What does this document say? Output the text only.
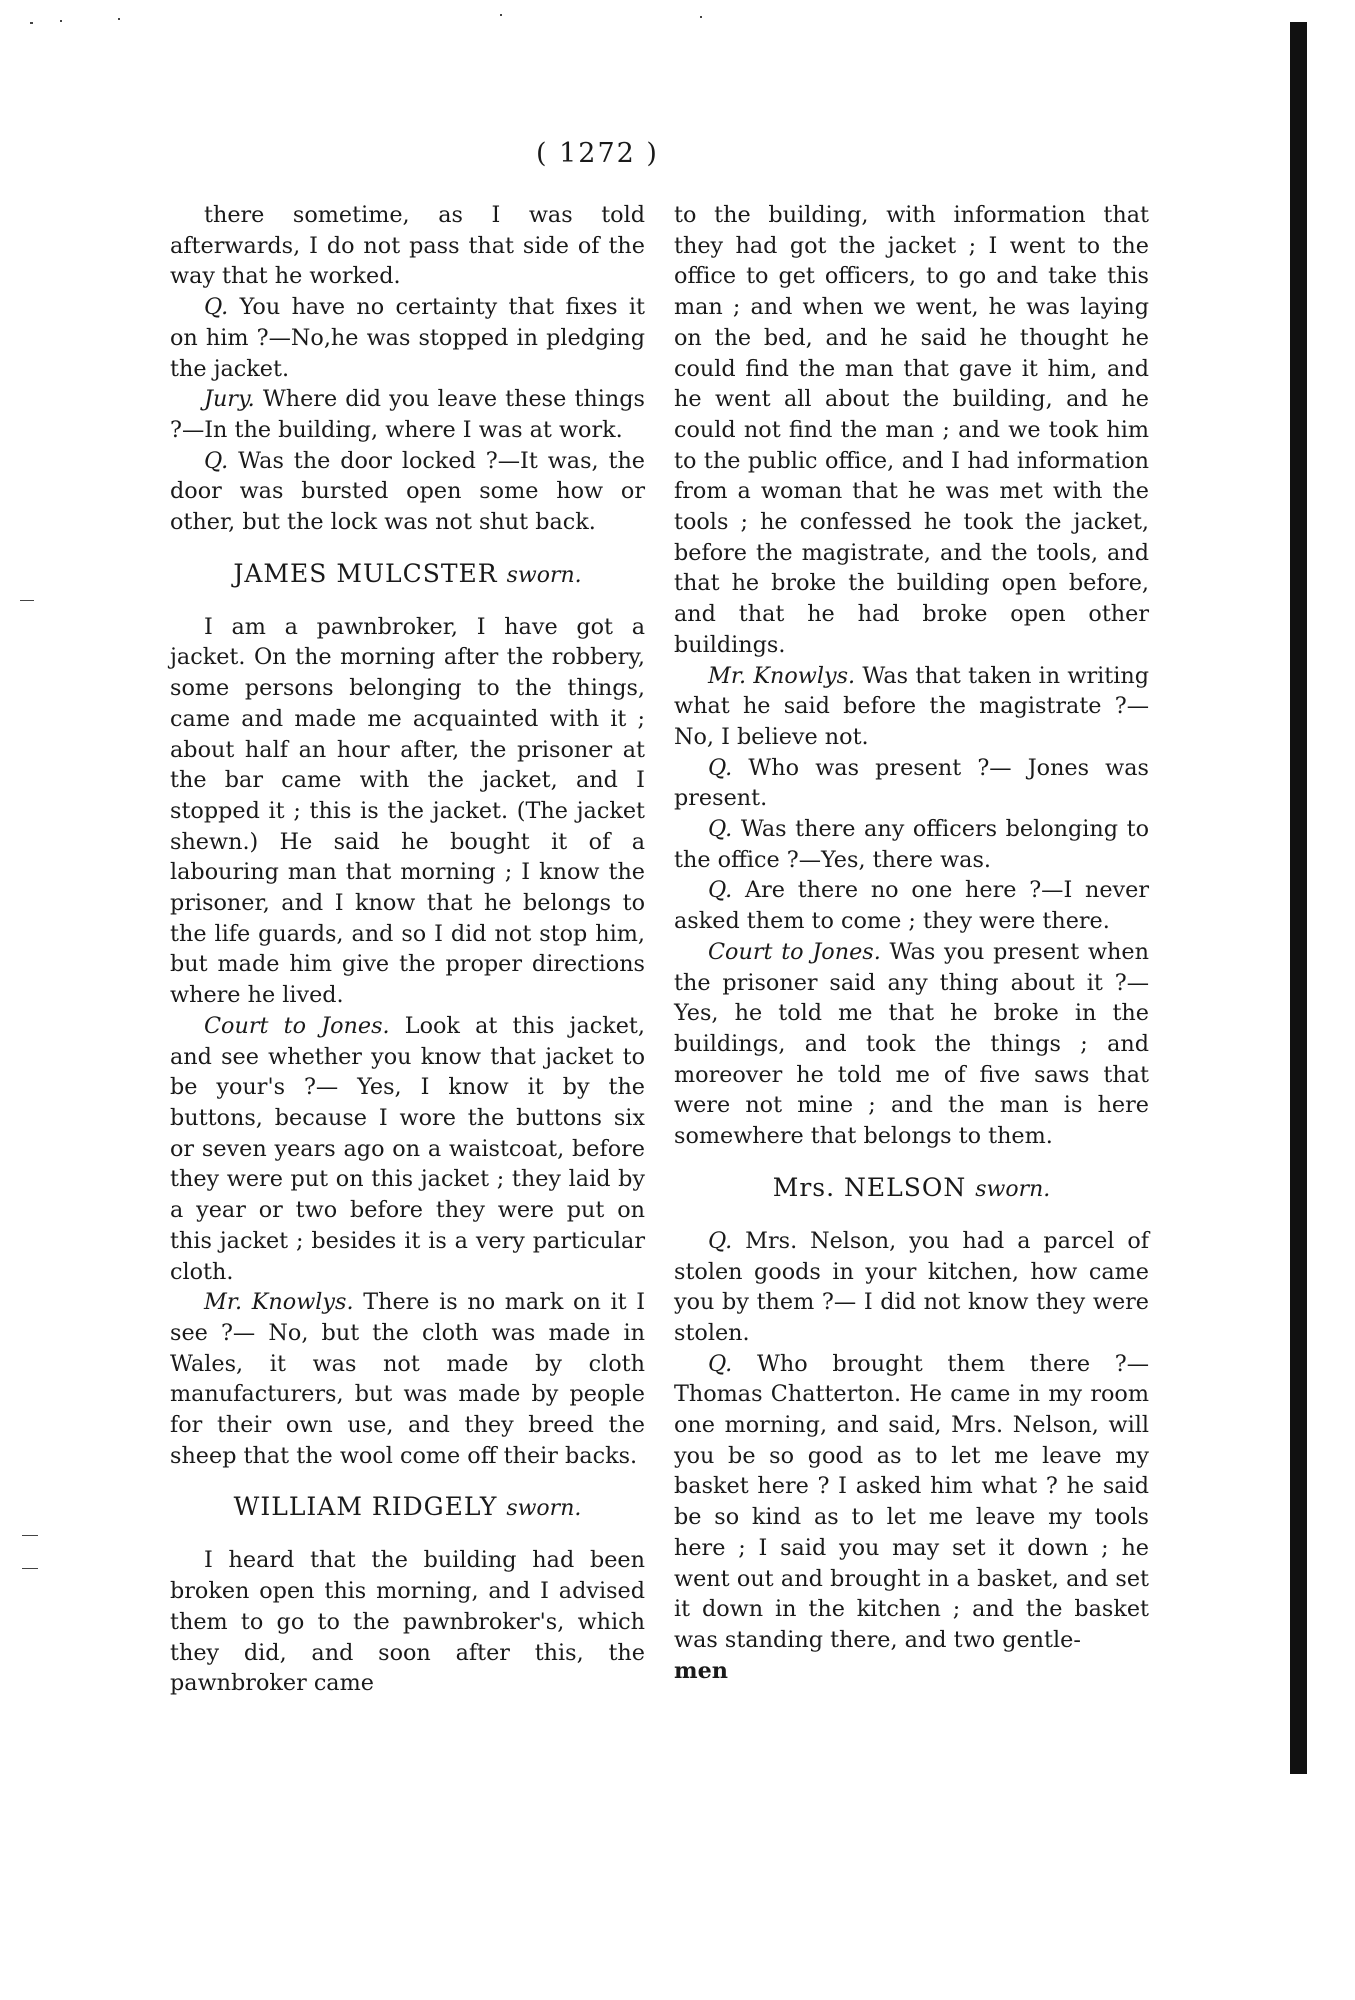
( 1272 )

there sometime, as I was told afterwards, I do not pass that side of the way that he worked.

Q. You have no certainty that fixes it on him ?—No,he was stopped in pledging the jacket.

Jury. Where did you leave these things ?—In the building, where I was at work.

Q. Was the door locked ?—It was, the door was bursted open some how or other, but the lock was not shut back.

JAMES MULCSTER sworn.

I am a pawnbroker, I have got a jacket. On the morning after the robbery, some persons belonging to the things, came and made me acquainted with it ; about half an hour after, the prisoner at the bar came with the jacket, and I stopped it ; this is the jacket. (The jacket shewn.) He said he bought it of a labouring man that morning ; I know the prisoner, and I know that he belongs to the life guards, and so I did not stop him, but made him give the proper directions where he lived.

Court to Jones. Look at this jacket, and see whether you know that jacket to be your's ?— Yes, I know it by the buttons, because I wore the buttons six or seven years ago on a waistcoat, before they were put on this jacket ; they laid by a year or two before they were put on this jacket ; besides it is a very particular cloth.

Mr. Knowlys. There is no mark on it I see ?— No, but the cloth was made in Wales, it was not made by cloth manufacturers, but was made by people for their own use, and they breed the sheep that the wool come off their backs.

WILLIAM RIDGELY sworn.

I heard that the building had been broken open this morning, and I advised them to go to the pawnbroker's, which they did, and soon after this, the pawnbroker came

to the building, with information that they had got the jacket ; I went to the office to get officers, to go and take this man ; and when we went, he was laying on the bed, and he said he thought he could find the man that gave it him, and he went all about the building, and he could not find the man ; and we took him to the public office, and I had information from a woman that he was met with the tools ; he confessed he took the jacket, before the magistrate, and the tools, and that he broke the building open before, and that he had broke open other buildings.

Mr. Knowlys. Was that taken in writing what he said before the magistrate ?—No, I believe not.

Q. Who was present ?— Jones was present.

Q. Was there any officers belonging to the office ?—Yes, there was.

Q. Are there no one here ?—I never asked them to come ; they were there.

Court to Jones. Was you present when the prisoner said any thing about it ?— Yes, he told me that he broke in the buildings, and took the things ; and moreover he told me of five saws that were not mine ; and the man is here somewhere that belongs to them.

Mrs. NELSON sworn.

Q. Mrs. Nelson, you had a parcel of stolen goods in your kitchen, how came you by them ?— I did not know they were stolen.

Q. Who brought them there ?—Thomas Chatterton. He came in my room one morning, and said, Mrs. Nelson, will you be so good as to let me leave my basket here ? I asked him what ? he said be so kind as to let me leave my tools here ; I said you may set it down ; he went out and brought in a basket, and set it down in the kitchen ; and the basket was standing there, and two gentle-

men
